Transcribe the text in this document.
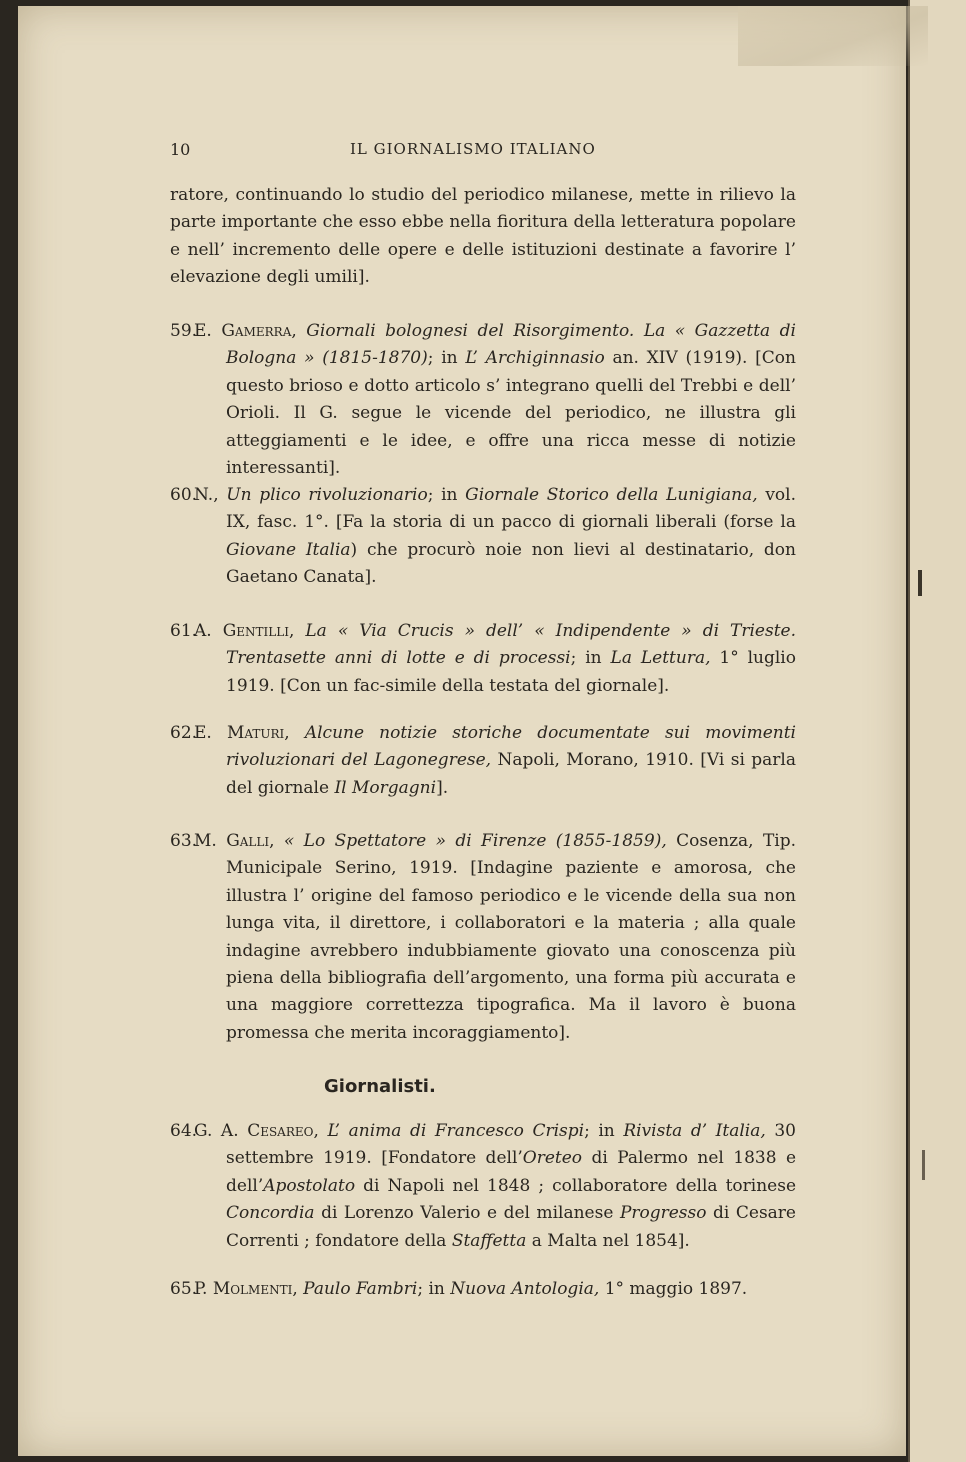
10	IL GIORNALISMO ITALIANO

ratore, continuando lo studio del periodico milanese, mette in rilievo la parte importante che esso ebbe nella fioritura della letteratura popolare e nell’ incremento delle opere e delle istituzioni destinate a favorire l’ elevazione degli umili].

59.
E. Gamerra, Giornali bolognesi del Risorgimento. La « Gazzetta di Bologna » (1815-1870); in L’ Archiginnasio an. XIV (1919). [Con questo brioso e dotto articolo s’ integrano quelli del Trebbi e dell’ Orioli. Il G. segue le vicende del periodico, ne illustra gli atteggiamenti e le idee, e offre una ricca messe di notizie interessanti].
60.
N., Un plico rivoluzionario; in Giornale Storico della Lunigiana, vol. IX, fasc. 1°. [Fa la storia di un pacco di giornali liberali (forse la Giovane Italia) che procurò noie non lievi al destinatario, don Gaetano Canata].
61.
A. Gentilli, La « Via Crucis » dell’ « Indipendente » di Trieste. Trentasette anni di lotte e di processi; in La Lettura, 1° luglio 1919. [Con un fac-simile della testata del giornale].
62.
E. Maturi, Alcune notizie storiche documentate sui movimenti rivoluzionari del Lagonegrese, Napoli, Morano, 1910. [Vi si parla del giornale Il Morgagni].
63.
M. Galli, « Lo Spettatore » di Firenze (1855-1859), Cosenza, Tip. Municipale Serino, 1919. [Indagine paziente e amorosa, che illustra l’ origine del famoso periodico e le vicende della sua non lunga vita, il direttore, i collaboratori e la materia ; alla quale indagine avrebbero indubbiamente giovato una conoscenza più piena della bibliografia dell’argomento, una forma più accurata e una maggiore correttezza tipografica. Ma il lavoro è buona promessa che merita incoraggiamento].
Giornalisti.
64.
G. A. Cesareo, L’ anima di Francesco Crispi; in Rivista d’ Italia, 30 settembre 1919. [Fondatore dell’Oreteo di Palermo nel 1838 e dell’Apostolato di Napoli nel 1848 ; collaboratore della torinese Concordia di Lorenzo Valerio e del milanese Progresso di Cesare Correnti ; fondatore della Staffetta a Malta nel 1854].
65.
P. Molmenti, Paulo Fambri; in Nuova Antologia, 1° maggio 1897.
